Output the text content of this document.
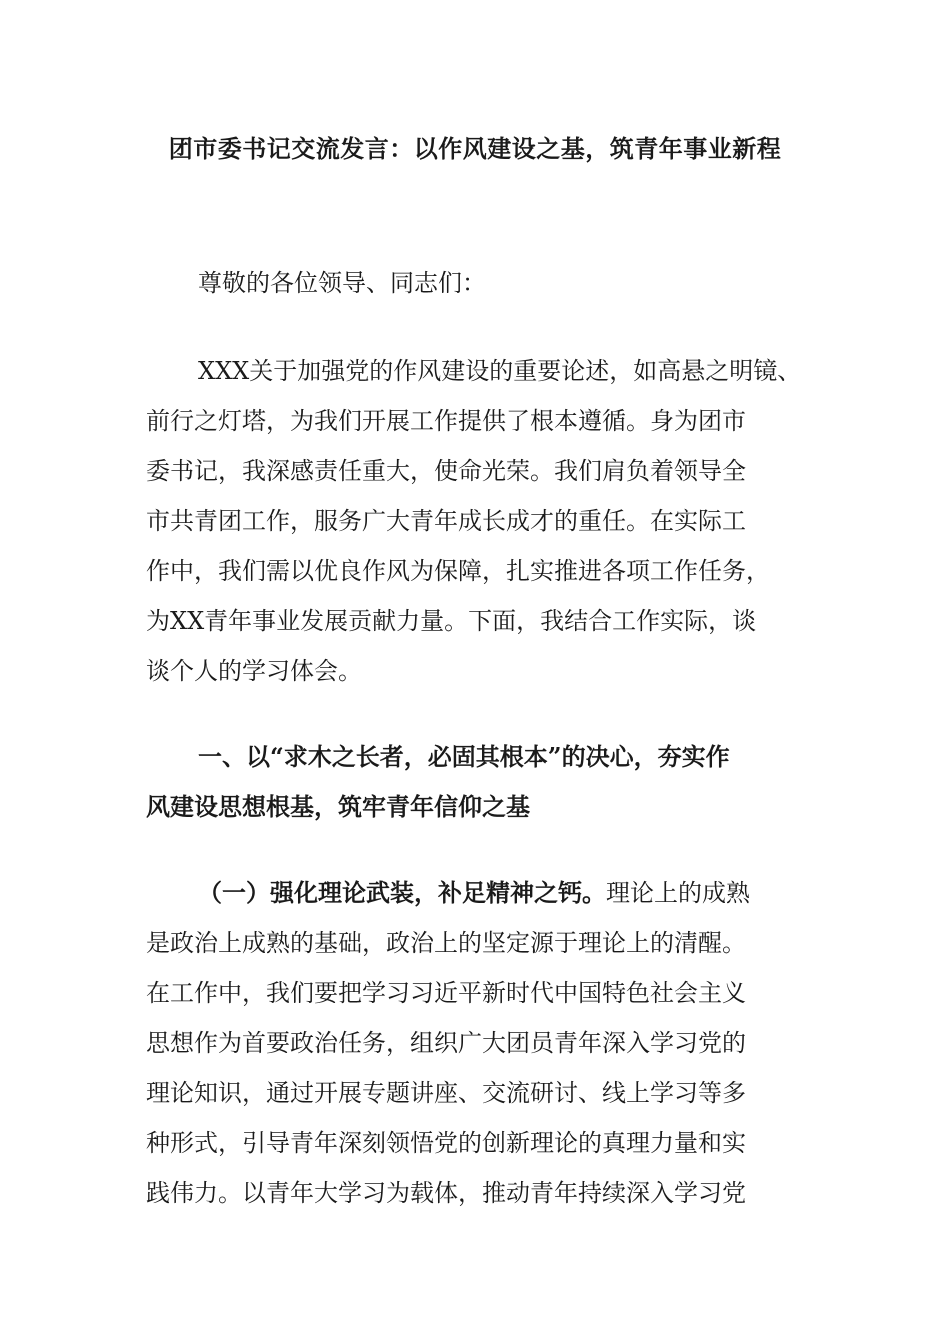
团市委书记交流发言：以作风建设之基，筑青年事业新程
尊敬的各位领导、同志们：
XXX关于加强党的作风建设的重要论述，如高悬之明镜、
前行之灯塔，为我们开展工作提供了根本遵循。身为团市
委书记，我深感责任重大，使命光荣。我们肩负着领导全
市共青团工作，服务广大青年成长成才的重任。在实际工
作中，我们需以优良作风为保障，扎实推进各项工作任务，
为XX青年事业发展贡献力量。下面，我结合工作实际，谈
谈个人的学习体会。
一、以“求木之长者，必固其根本”的决心，夯实作
风建设思想根基，筑牢青年信仰之基
（一）强化理论武装，补足精神之钙。理论上的成熟
是政治上成熟的基础，政治上的坚定源于理论上的清醒。
在工作中，我们要把学习习近平新时代中国特色社会主义
思想作为首要政治任务，组织广大团员青年深入学习党的
理论知识，通过开展专题讲座、交流研讨、线上学习等多
种形式，引导青年深刻领悟党的创新理论的真理力量和实
践伟力。以青年大学习为载体，推动青年持续深入学习党
